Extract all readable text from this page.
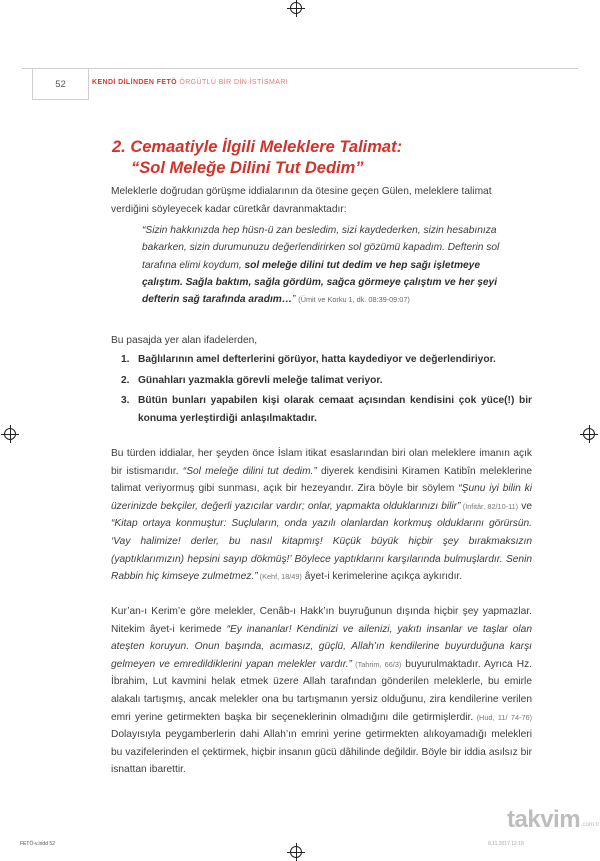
52	KENDİ DİLİNDEN FETÖ ÖRGÜTLÜ BİR DİN İSTİSMARI
2. Cemaatiyle İlgili Meleklere Talimat:
“Sol Meleğe Dilini Tut Dedim”

Meleklerle doğrudan görüşme iddialarının da ötesine geçen Gülen, meleklere talimat verdiğini söyleyecek kadar cüretkâr davranmaktadır:

“Sizin hakkınızda hep hüsn-ü zan besledim, sizi kaydederken, sizin hesabınıza bakarken, sizin durumunuzu değerlendirirken sol gözümü kapadım. Defterin sol tarafına elimi koydum, sol meleğe dilini tut dedim ve hep sağı işletmeye çalıştım. Sağla baktım, sağla gördüm, sağca görmeye çalıştım ve her şeyi defterin sağ tarafında aradım…” (Ümit ve Korku 1, dk. 08:39-09:07)

Bu pasajda yer alan ifadelerden,

1. Bağlılarının amel defterlerini görüyor, hatta kaydediyor ve değerlendiriyor.
2. Günahları yazmakla görevli meleğe talimat veriyor.
3. Bütün bunları yapabilen kişi olarak cemaat açısından kendisini çok yüce(!) bir konuma yerleştirdiği anlaşılmaktadır.

Bu türden iddialar, her şeyden önce İslam itikat esaslarından biri olan meleklere imanın açık bir istismarıdır. “Sol meleğe dilini tut dedim.” diyerek kendisini Kiramen Katibîn meleklerine talimat veriyormuş gibi sunması, açık bir hezeyandır. Zira böyle bir söylem “Şunu iyi bilin ki üzerinizde bekçiler, değerli yazıcılar vardır; onlar, yapmakta olduklarınızı bilir” (İnfitâr, 82/10-11) ve “Kitap ortaya konmuştur: Suçluların, onda yazılı olanlardan korkmuş olduklarını görürsün. ‘Vay halimize! derler, bu nasıl kitapmış! Küçük büyük hiçbir şey bırakmaksızın (yaptıklarımızın) hepsini sayıp dökmüş!’ Böylece yaptıklarını karşılarında bulmuşlardır. Senin Rabbin hiç kimseye zulmetmez.” (Kehf, 18/49) âyet-i kerimelerine açıkça aykırıdır.

Kur’an-ı Kerim’e göre melekler, Cenâb-ı Hakk’ın buyruğunun dışında hiçbir şey yapmazlar. Nitekim âyet-i kerimede “Ey inananlar! Kendinizi ve ailenizi, yakıtı insanlar ve taşlar olan ateşten koruyun. Onun başında, acımasız, güçlü, Allah’ın kendilerine buyurduğuna karşı gelmeyen ve emredildiklerini yapan melekler vardır.” (Tahrim, 66/3) buyurulmaktadır. Ayrıca Hz. İbrahim, Lut kavmini helak etmek üzere Allah tarafından gönderilen meleklerle, bu emirle alakalı tartışmış, ancak melekler ona bu tartışmanın yersiz olduğunu, zira kendilerine verilen emri yerine getirmekten başka bir seçeneklerinin olmadığını dile getirmişlerdir. (Hud, 11/ 74-76) Dolayısıyla peygamberlerin dahi Allah’ın emrini yerine getirmekten alıkoyamadığı melekleri bu vazifelerinden el çektirmek, hiçbir insanın gücü dâhilinde değildir. Böyle bir iddia asılsız bir isnattan ibarettir.

FETÖ-v.indd 52
takvim .com.tr
8.11.2017 12:18
